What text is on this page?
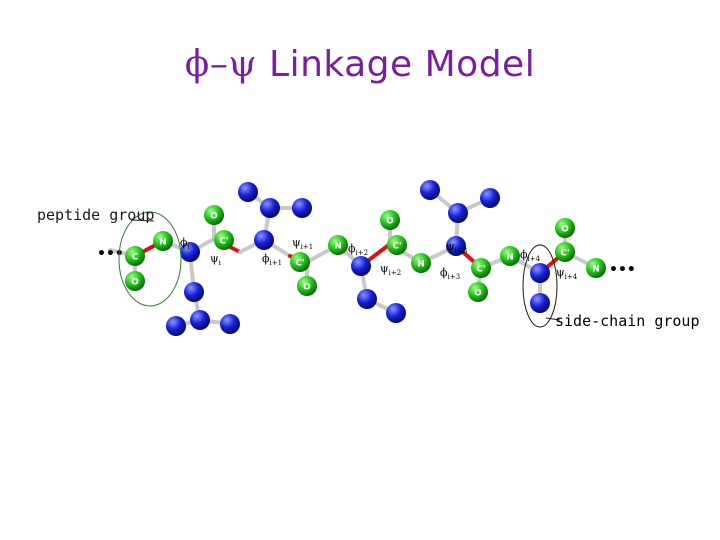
ϕ–ψ Linkage Model
O
C
O
C'
O
C'
O
C'
O
C'
O
C'
N
N
N
N
N
•••
•••
$\phi_i$
$\psi_i$	$\phi_{i+1}$
$\psi_{i+1}$	$\phi_{i+2}$
$\psi_{i+2}$	$\phi_{i+3}$
$\psi_{i+3}$	$\phi_{i+4}$
$\psi_{i+4}$
peptide group
side-chain group
